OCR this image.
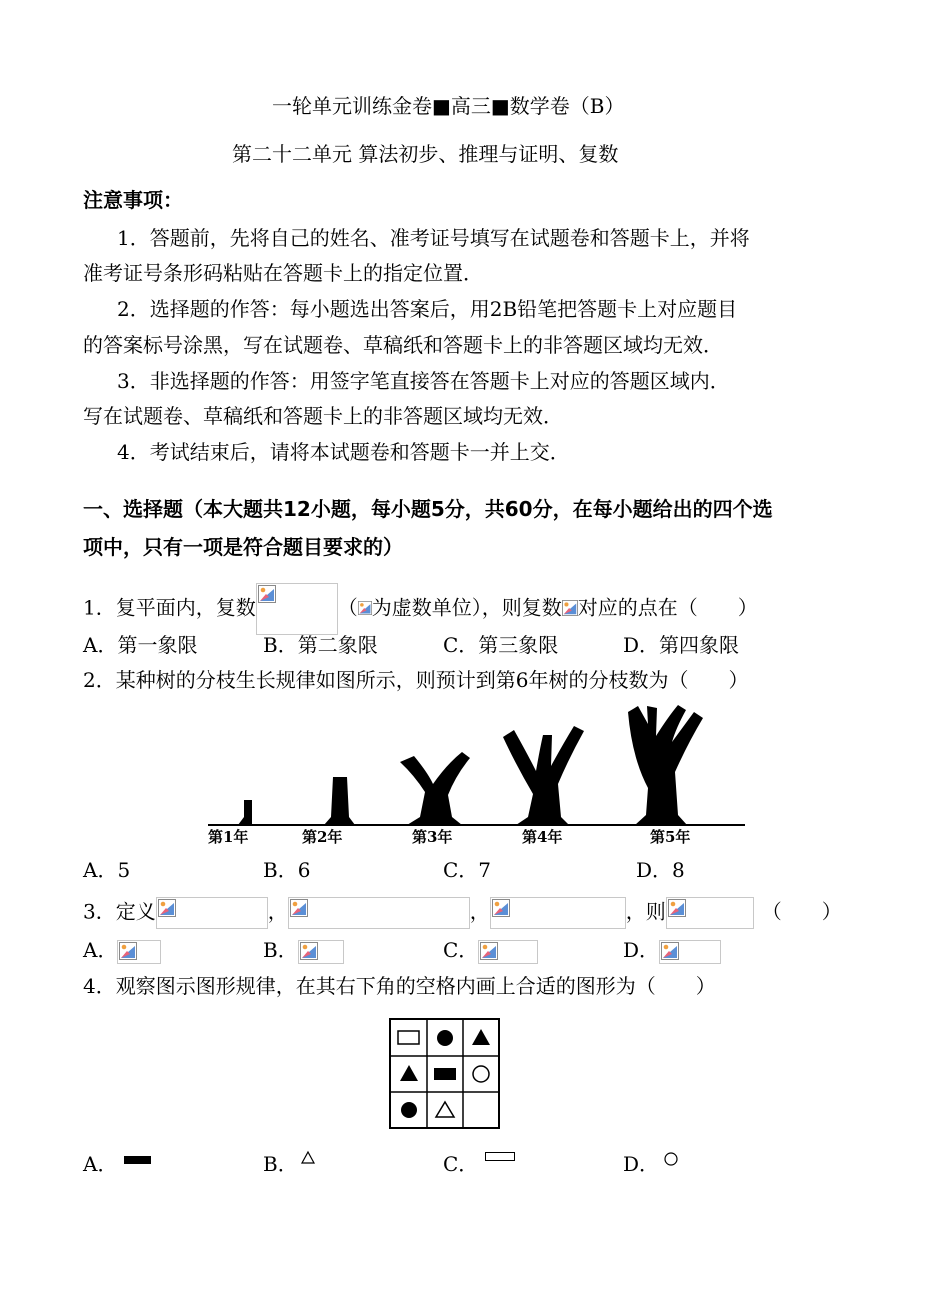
一轮单元训练金卷■高三■数学卷（B）
第二十二单元 算法初步、推理与证明、复数
注意事项：
1．答题前，先将自己的姓名、准考证号填写在试题卷和答题卡上，并将
准考证号条形码粘贴在答题卡上的指定位置．
2．选择题的作答：每小题选出答案后，用2B铅笔把答题卡上对应题目
的答案标号涂黑，写在试题卷、草稿纸和答题卡上的非答题区域均无效．
3．非选择题的作答：用签字笔直接答在答题卡上对应的答题区域内．
写在试题卷、草稿纸和答题卡上的非答题区域均无效．
4．考试结束后，请将本试题卷和答题卡一并上交．
一、选择题（本大题共12小题，每小题5分，共60分，在每小题给出的四个选
项中，只有一项是符合题目要求的）
1．复平面内，复数	（ 为虚数单位），则复数 对应的点在（　　）
A．第一象限	B．第二象限	C．第三象限	D．第四象限
2．某种树的分枝生长规律如图所示，则预计到第6年树的分枝数为（　　）
第1年	第2年	第3年	第4年	第5年
A．5	B．6	C．7	D．8
3．定义	，	，	，则	（　　）
A．	B．	C．	D．
4．观察图示图形规律，在其右下角的空格内画上合适的图形为（　　）
A．	B．	C．	D．
